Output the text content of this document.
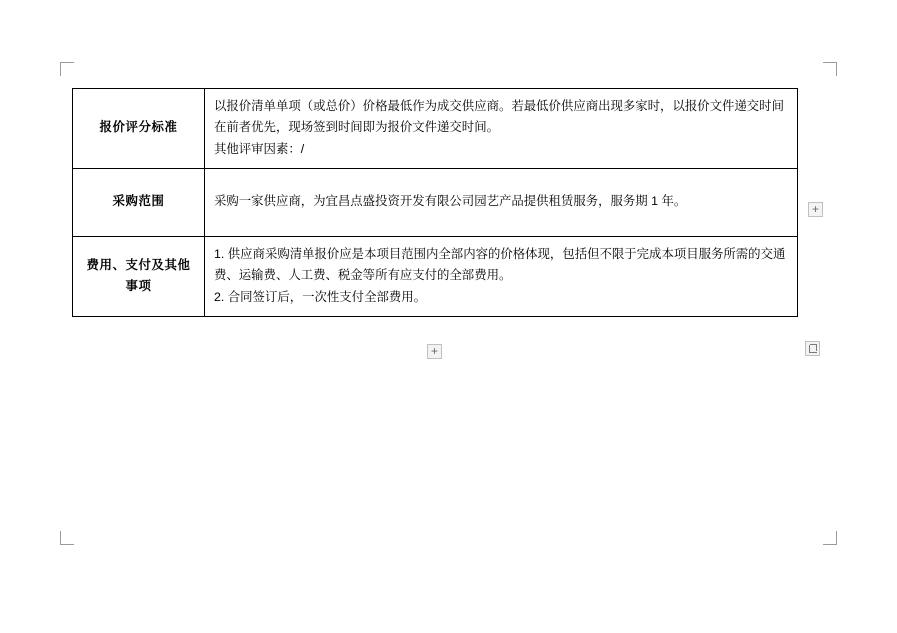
报价评分标准	以报价清单单项（或总价）价格最低作为成交供应商。若最低价供应商出现多家时，以报价文件递交时间在前者优先，现场签到时间即为报价文件递交时间。

其他评审因素：/

采购范围	采购一家供应商，为宜昌点盛投资开发有限公司园艺产品提供租赁服务，服务期 1 年。

费用、支付及其他事项	1. 供应商采购清单报价应是本项目范围内全部内容的价格体现，包括但不限于完成本项目服务所需的交通费、运输费、人工费、税金等所有应支付的全部费用。

2. 合同签订后，一次性支付全部费用。

+
+
